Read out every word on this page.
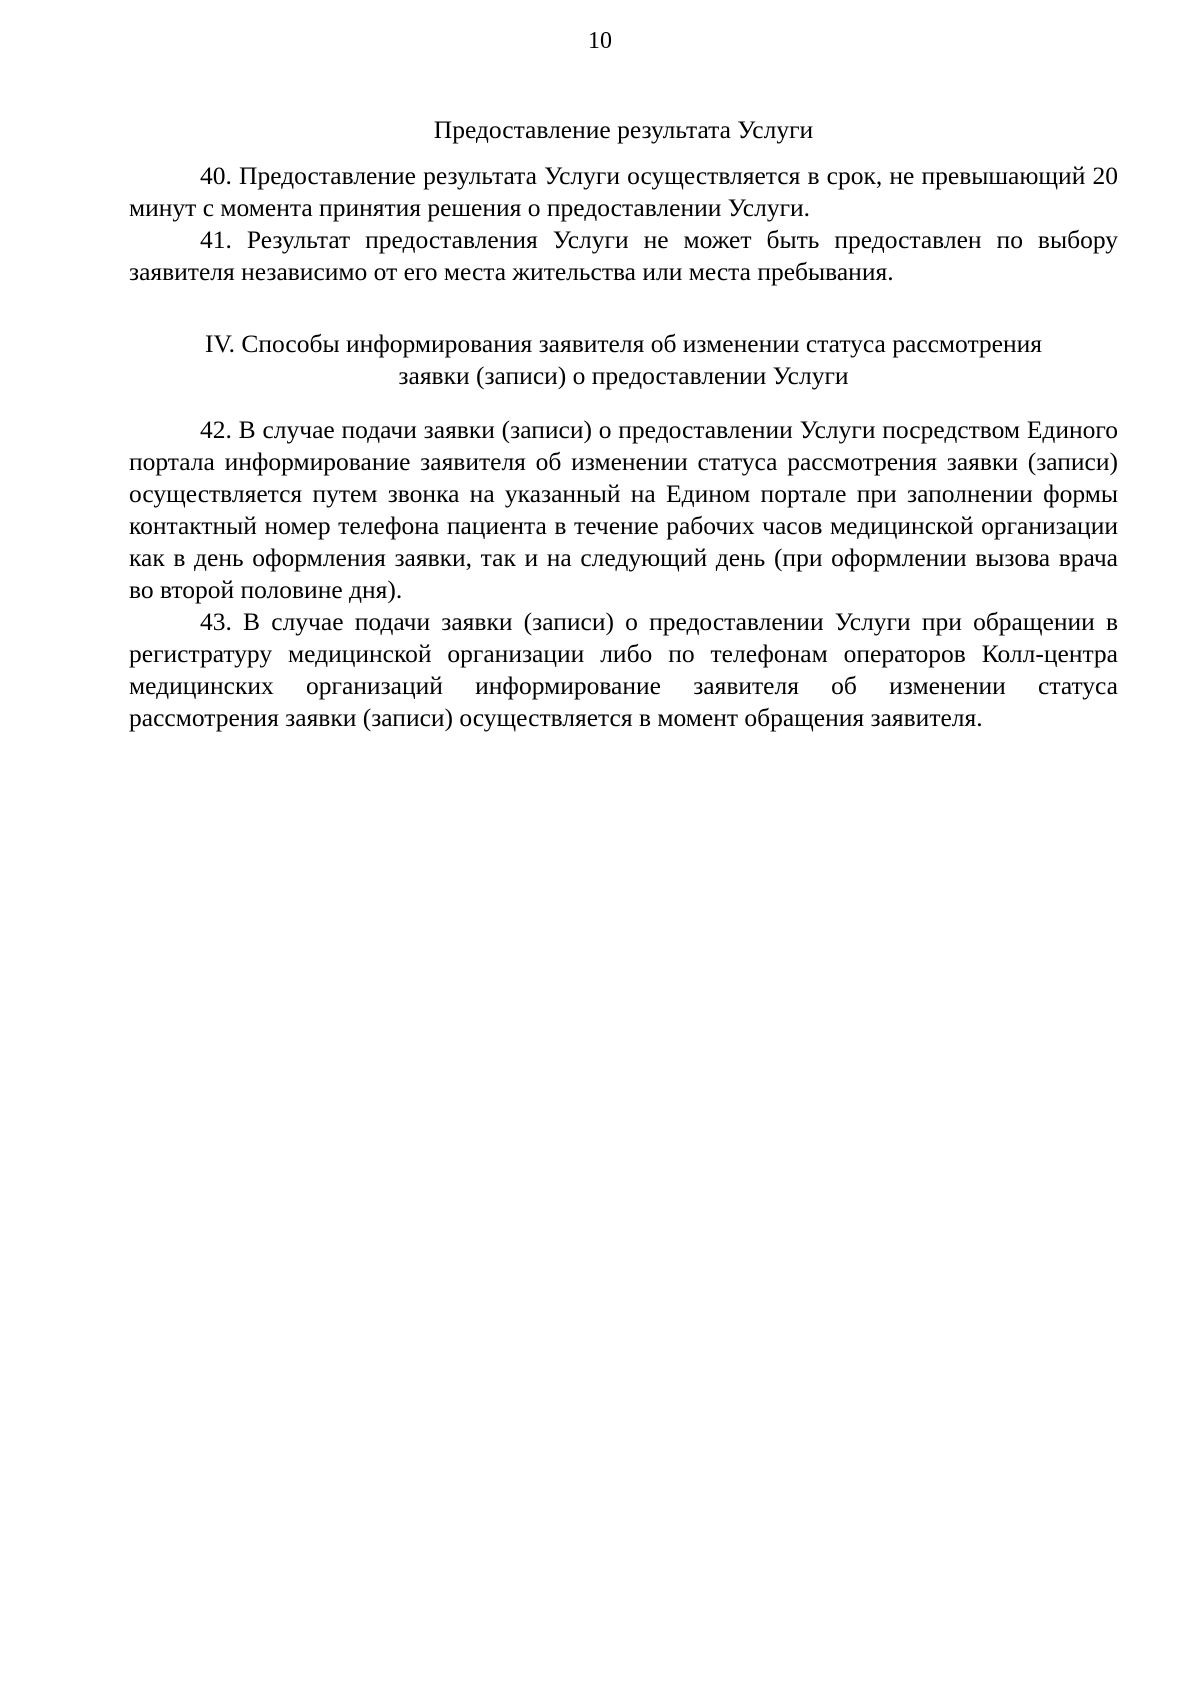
10

Предоставление результата Услуги

40. Предоставление результата Услуги осуществляется в срок, не превышающий 20 минут с момента принятия решения о предоставлении Услуги.

41. Результат предоставления Услуги не может быть предоставлен по выбору заявителя независимо от его места жительства или места пребывания.

IV. Способы информирования заявителя об изменении статуса рассмотрения
заявки (записи) о предоставлении Услуги

42. В случае подачи заявки (записи) о предоставлении Услуги посредством Единого портала информирование заявителя об изменении статуса рассмотрения заявки (записи) осуществляется путем звонка на указанный на Едином портале при заполнении формы контактный номер телефона пациента в течение рабочих часов медицинской организации как в день оформления заявки, так и на следующий день (при оформлении вызова врача во второй половине дня).

43. В случае подачи заявки (записи) о предоставлении Услуги при обращении в регистратуру медицинской организации либо по телефонам операторов Колл-центра медицинских организаций информирование заявителя об изменении статуса рассмотрения заявки (записи) осуществляется в момент обращения заявителя.
